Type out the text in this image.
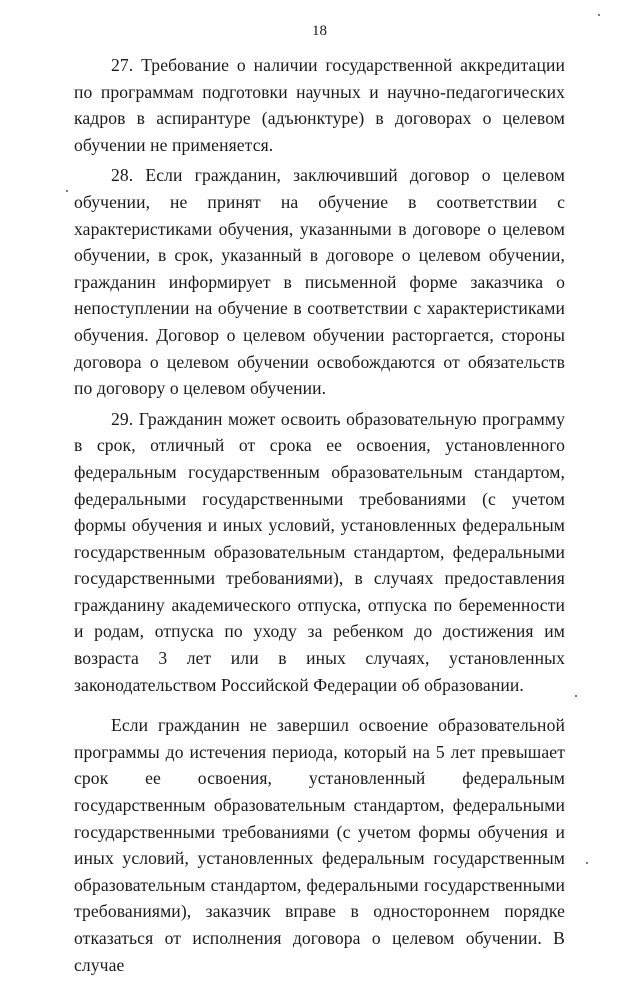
18

27. Требование о наличии государственной аккредитации по программам подготовки научных и научно-педагогических кадров в аспирантуре (адъюнктуре) в договорах о целевом обучении не применяется.

28. Если гражданин, заключивший договор о целевом обучении, не принят на обучение в соответствии с характеристиками обучения, указанными в договоре о целевом обучении, в срок, указанный в договоре о целевом обучении, гражданин информирует в письменной форме заказчика о непоступлении на обучение в соответствии с характеристиками обучения. Договор о целевом обучении расторгается, стороны договора о целевом обучении освобождаются от обязательств по договору о целевом обучении.

29. Гражданин может освоить образовательную программу в срок, отличный от срока ее освоения, установленного федеральным государственным образовательным стандартом, федеральными государственными требованиями (с учетом формы обучения и иных условий, установленных федеральным государственным образовательным стандартом, федеральными государственными требованиями), в случаях предоставления гражданину академического отпуска, отпуска по беременности и родам, отпуска по уходу за ребенком до достижения им возраста 3 лет или в иных случаях, установленных законодательством Российской Федерации об образовании.

Если гражданин не завершил освоение образовательной программы до истечения периода, который на 5 лет превышает срок ее освоения, установленный федеральным государственным образовательным стандартом, федеральными государственными требованиями (с учетом формы обучения и иных условий, установленных федеральным государственным образовательным стандартом, федеральными государственными требованиями), заказчик вправе в одностороннем порядке отказаться от исполнения договора о целевом обучении. В случае
